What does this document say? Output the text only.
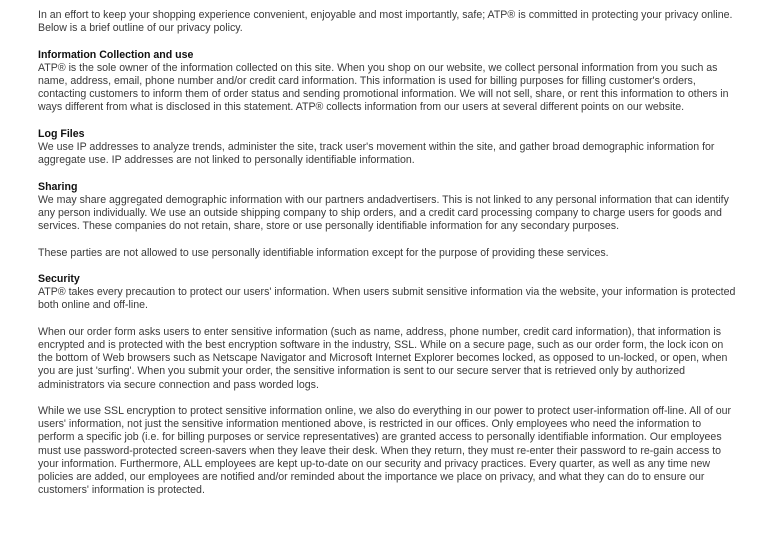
In an effort to keep your shopping experience convenient, enjoyable and most importantly, safe; ATP® is committed in protecting your privacy online. Below is a brief outline of our privacy policy.

Information Collection and use

ATP® is the sole owner of the information collected on this site. When you shop on our website, we collect personal information from you such as name, address, email, phone number and/or credit card information. This information is used for billing purposes for filling customer's orders, contacting customers to inform them of order status and sending promotional information. We will not sell, share, or rent this information to others in ways different from what is disclosed in this statement. ATP® collects information from our users at several different points on our website.

Log Files

We use IP addresses to analyze trends, administer the site, track user's movement within the site, and gather broad demographic information for aggregate use. IP addresses are not linked to personally identifiable information.

Sharing

We may share aggregated demographic information with our partners andadvertisers. This is not linked to any personal information that can identify any person individually. We use an outside shipping company to ship orders, and a credit card processing company to charge users for goods and services. These companies do not retain, share, store or use personally identifiable information for any secondary purposes.

These parties are not allowed to use personally identifiable information except for the purpose of providing these services.

Security

ATP® takes every precaution to protect our users' information. When users submit sensitive information via the website, your information is protected both online and off-line.

When our order form asks users to enter sensitive information (such as name, address, phone number, credit card information), that information is encrypted and is protected with the best encryption software in the industry, SSL. While on a secure page, such as our order form, the lock icon on the bottom of Web browsers such as Netscape Navigator and Microsoft Internet Explorer becomes locked, as opposed to un-locked, or open, when you are just 'surfing'. When you submit your order, the sensitive information is sent to our secure server that is retrieved only by authorized administrators via secure connection and pass worded logs.

While we use SSL encryption to protect sensitive information online, we also do everything in our power to protect user-information off-line. All of our users' information, not just the sensitive information mentioned above, is restricted in our offices. Only employees who need the information to perform a specific job (i.e. for billing purposes or service representatives) are granted access to personally identifiable information. Our employees must use password-protected screen-savers when they leave their desk. When they return, they must re-enter their password to re-gain access to your information. Furthermore, ALL employees are kept up-to-date on our security and privacy practices. Every quarter, as well as any time new policies are added, our employees are notified and/or reminded about the importance we place on privacy, and what they can do to ensure our customers' information is protected.
